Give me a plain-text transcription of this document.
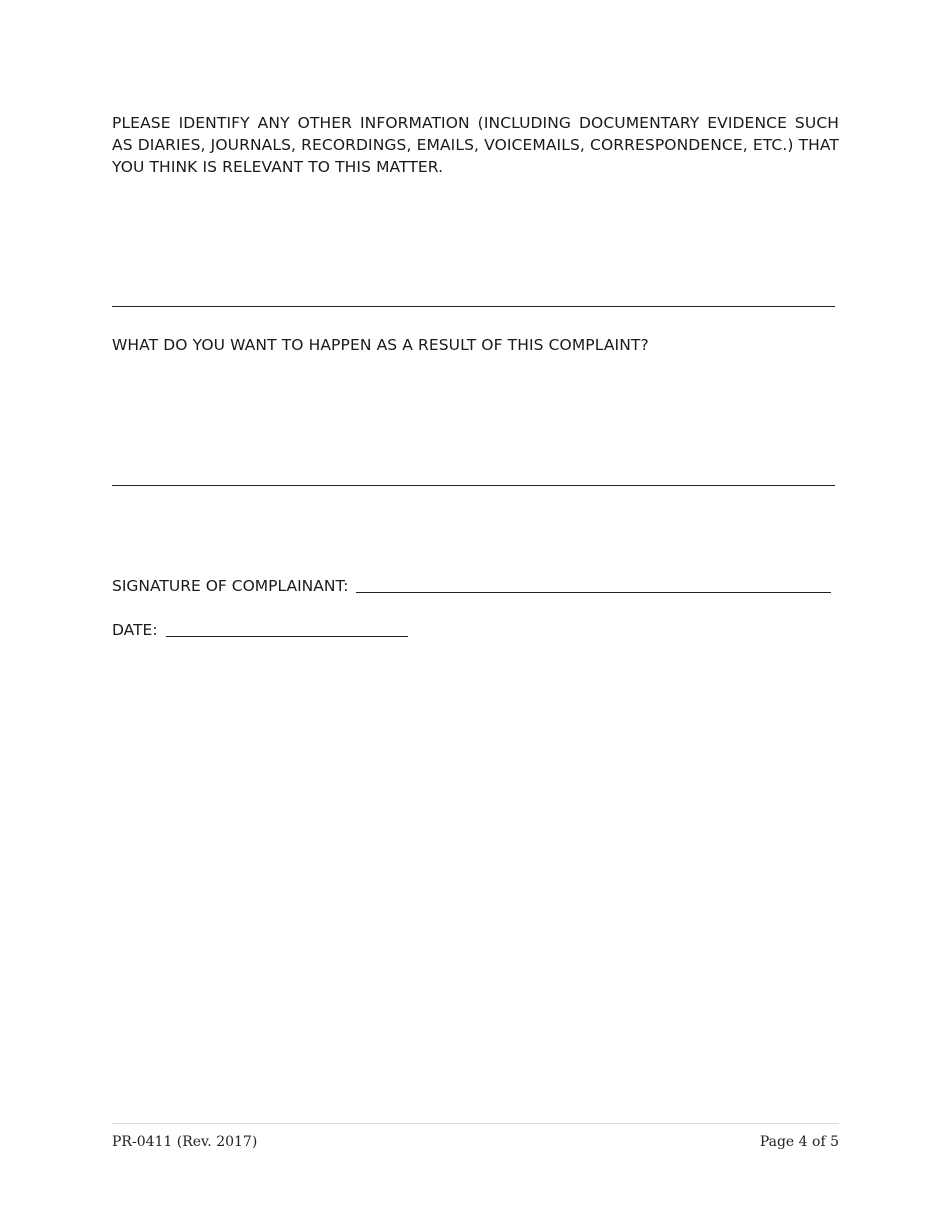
PLEASE IDENTIFY ANY OTHER INFORMATION (INCLUDING DOCUMENTARY EVIDENCE SUCH AS DIARIES, JOURNALS, RECORDINGS, EMAILS, VOICEMAILS, CORRESPONDENCE, ETC.) THAT YOU THINK IS RELEVANT TO THIS MATTER.
WHAT DO YOU WANT TO HAPPEN AS A RESULT OF THIS COMPLAINT?
SIGNATURE OF COMPLAINANT:
DATE:
PR-0411 (Rev. 2017)	Page 4 of 5
